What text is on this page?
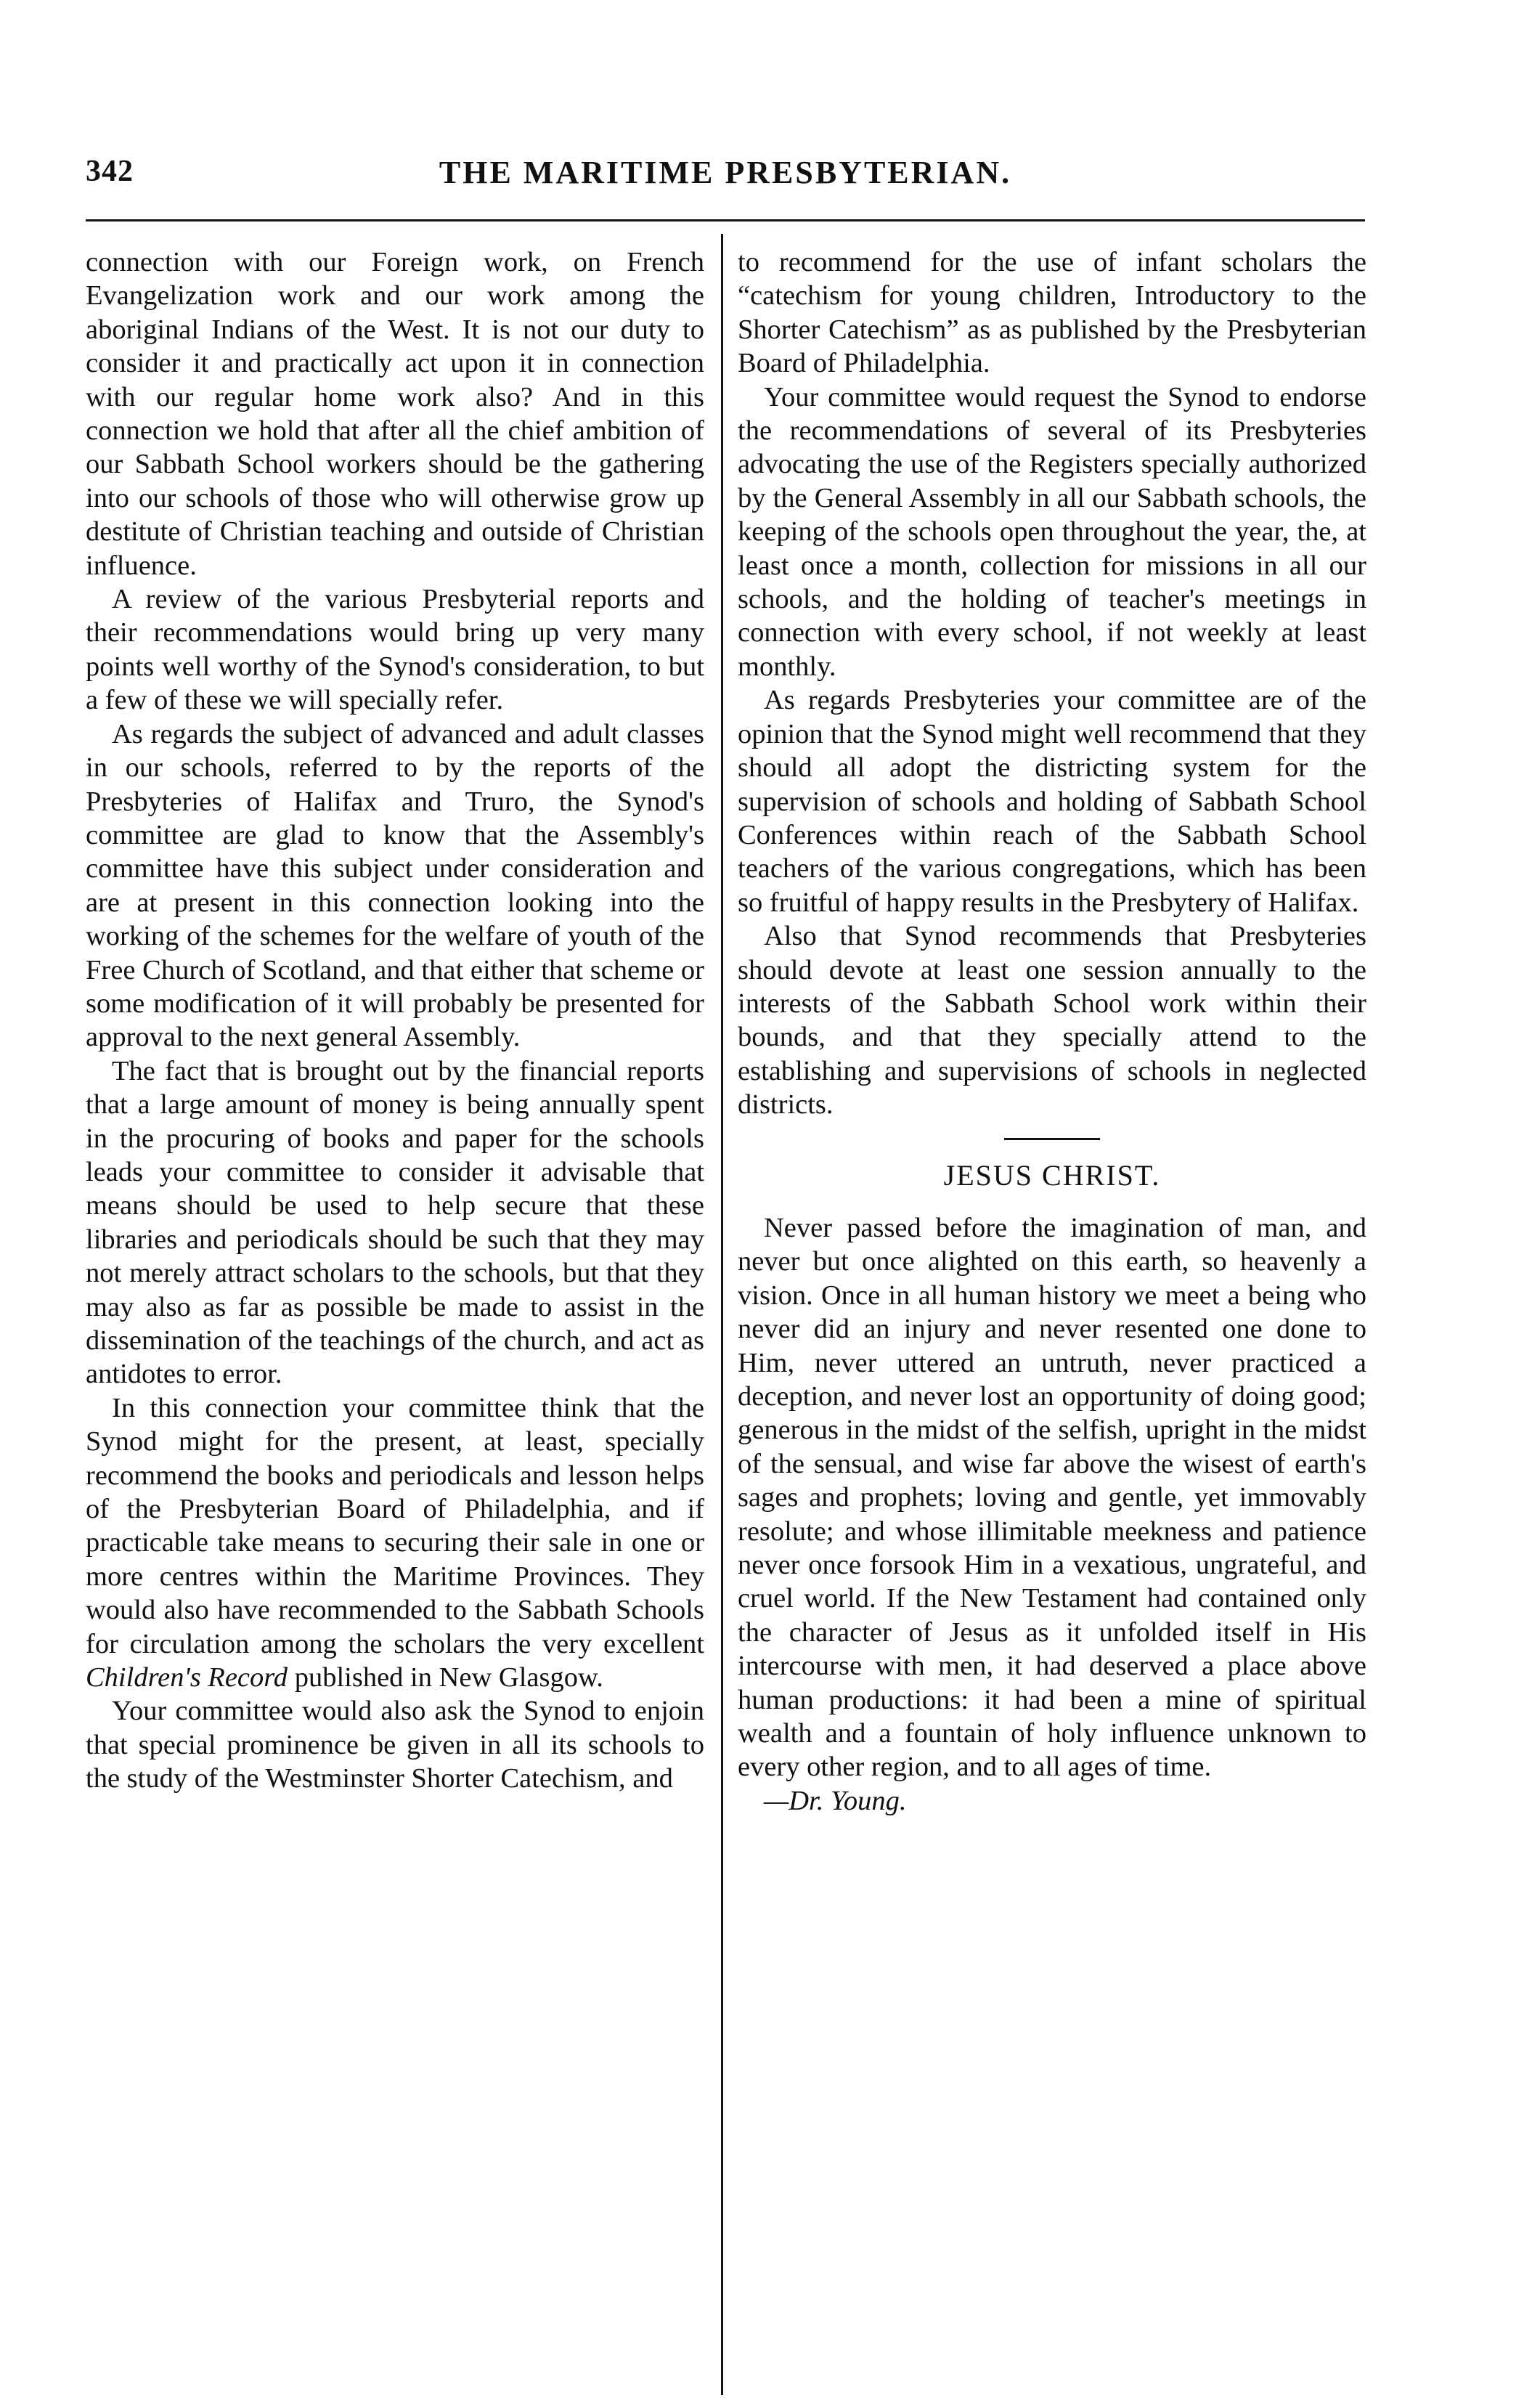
342	THE MARITIME PRESBYTERIAN.

connection with our Foreign work, on French Evangelization work and our work among the aboriginal Indians of the West. It is not our duty to consider it and practically act upon it in connection with our regular home work also? And in this connection we hold that after all the chief ambition of our Sabbath School workers should be the gathering into our schools of those who will otherwise grow up destitute of Christian teaching and outside of Christian influence.

A review of the various Presbyterial reports and their recommendations would bring up very many points well worthy of the Synod's consideration, to but a few of these we will specially refer.

As regards the subject of advanced and adult classes in our schools, referred to by the reports of the Presbyteries of Halifax and Truro, the Synod's committee are glad to know that the Assembly's committee have this subject under consideration and are at present in this connection looking into the working of the schemes for the welfare of youth of the Free Church of Scotland, and that either that scheme or some modification of it will probably be presented for approval to the next general Assembly.

The fact that is brought out by the financial reports that a large amount of money is being annually spent in the procuring of books and paper for the schools leads your committee to consider it advisable that means should be used to help secure that these libraries and periodicals should be such that they may not merely attract scholars to the schools, but that they may also as far as possible be made to assist in the dissemination of the teachings of the church, and act as antidotes to error.

In this connection your committee think that the Synod might for the present, at least, specially recommend the books and periodicals and lesson helps of the Presbyterian Board of Philadelphia, and if practicable take means to securing their sale in one or more centres within the Maritime Provinces. They would also have recommended to the Sabbath Schools for circulation among the scholars the very excellent Children's Record published in New Glasgow.

Your committee would also ask the Synod to enjoin that special prominence be given in all its schools to the study of the Westminster Shorter Catechism, and

to recommend for the use of infant scholars the “catechism for young children, Introductory to the Shorter Catechism” as as published by the Presbyterian Board of Philadelphia.

Your committee would request the Synod to endorse the recommendations of several of its Presbyteries advocating the use of the Registers specially authorized by the General Assembly in all our Sabbath schools, the keeping of the schools open throughout the year, the, at least once a month, collection for missions in all our schools, and the holding of teacher's meetings in connection with every school, if not weekly at least monthly.

As regards Presbyteries your committee are of the opinion that the Synod might well recommend that they should all adopt the districting system for the supervision of schools and holding of Sabbath School Conferences within reach of the Sabbath School teachers of the various congregations, which has been so fruitful of happy results in the Presbytery of Halifax.

Also that Synod recommends that Presbyteries should devote at least one session annually to the interests of the Sabbath School work within their bounds, and that they specially attend to the establishing and supervisions of schools in neglected districts.

JESUS CHRIST.

Never passed before the imagination of man, and never but once alighted on this earth, so heavenly a vision. Once in all human history we meet a being who never did an injury and never resented one done to Him, never uttered an untruth, never practiced a deception, and never lost an opportunity of doing good; generous in the midst of the selfish, upright in the midst of the sensual, and wise far above the wisest of earth's sages and prophets; loving and gentle, yet immovably resolute; and whose illimitable meekness and patience never once forsook Him in a vexatious, ungrateful, and cruel world. If the New Testament had contained only the character of Jesus as it unfolded itself in His intercourse with men, it had deserved a place above human productions: it had been a mine of spiritual wealth and a fountain of holy influence unknown to every other region, and to all ages of time.

—Dr. Young.
